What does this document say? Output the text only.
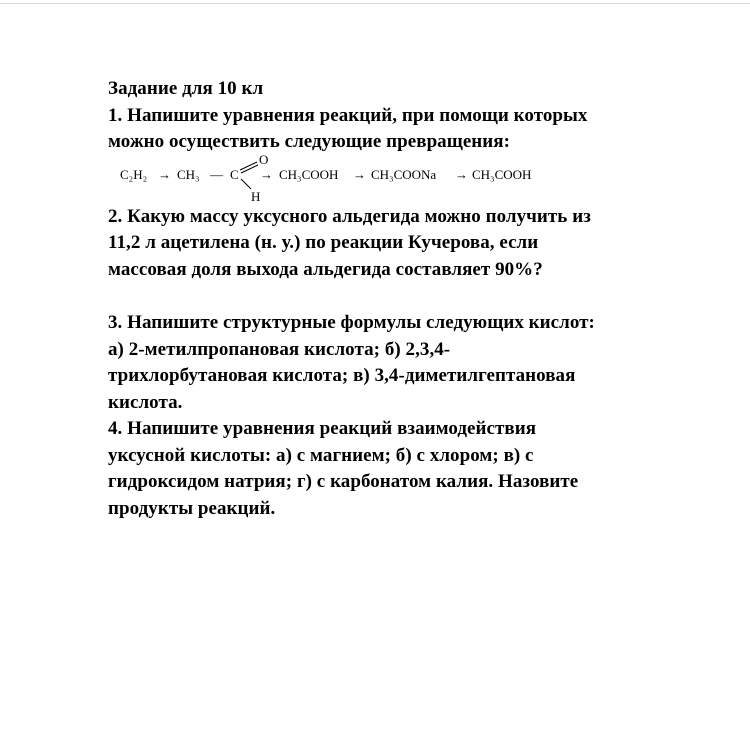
Задание для 10 кл
1. Напишите уравнения реакций, при помощи которых
можно осуществить следующие превращения:
C₂H₂ → CH₃ — C
O
H
→ CH₃COOH → CH₃COONa → CH₃COOH
2. Какую массу уксусного альдегида можно получить из
11,2 л ацетилена (н. у.) по реакции Кучерова, если
массовая доля выхода альдегида составляет 90%?
3. Напишите структурные формулы следующих кислот:
а) 2-метилпропановая кислота; б) 2,3,4-
трихлорбутановая кислота; в) 3,4-диметилгептановая
кислота.
4. Напишите уравнения реакций взаимодействия
уксусной кислоты: а) с магнием; б) с хлором; в) с
гидроксидом натрия; г) с карбонатом калия. Назовите
продукты реакций.
